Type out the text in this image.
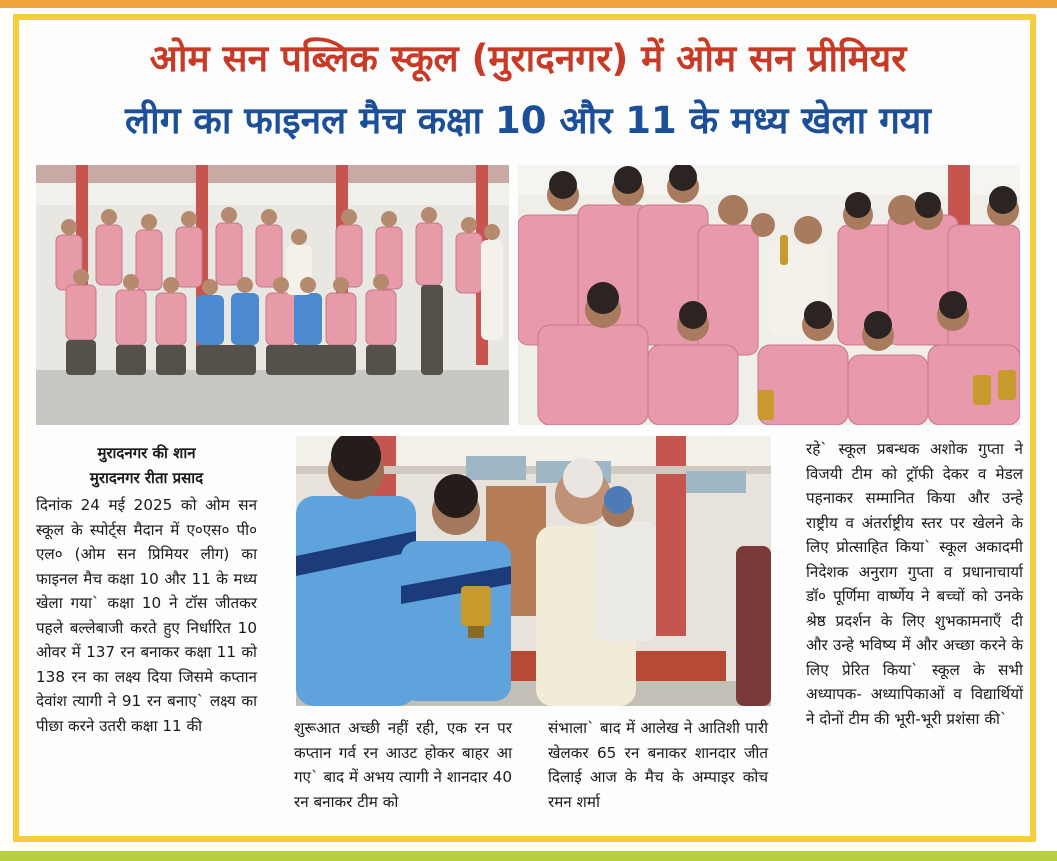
ओम सन पब्लिक स्कूल (मुरादनगर) में ओम सन प्रीमियर
लीग का फाइनल मैच कक्षा 10 और 11 के मध्य खेला गया
मुरादनगर की शान
मुरादनगर रीता प्रसाद

दिनांक 24 मई 2025 को ओम सन स्कूल के स्पोर्ट्स मैदान में ए०एस० पी० एल० (ओम सन प्रिमियर लीग) का फाइनल मैच कक्षा 10 और 11 के मध्य खेला गया` कक्षा 10 ने टॉस जीतकर पहले बल्लेबाजी करते हुए निर्धारित 10 ओवर में 137 रन बनाकर कक्षा 11 को 138 रन का लक्ष्य दिया जिसमे कप्तान देवांश त्यागी ने 91 रन बनाए` लक्ष्य का पीछा करने उतरी कक्षा 11 की	शुरूआत अच्छी नहीं रही, एक रन पर कप्तान गर्व रन आउट होकर बाहर आ गए` बाद में अभय त्यागी ने शानदार 40 रन बनाकर टीम को

संभाला` बाद में आलेख ने आतिशी पारी खेलकर 65 रन बनाकर शानदार जीत दिलाई आज के मैच के अम्पाइर कोच रमन शर्मा

रहे` स्कूल प्रबन्धक अशोक गुप्ता ने विजयी टीम को ट्रॉफी देकर व मेडल पहनाकर सम्मानित किया और उन्हे राष्ट्रीय व अंतर्राष्ट्रीय स्तर पर खेलने के लिए प्रोत्साहित किया` स्कूल अकादमी निदेशक अनुराग गुप्ता व प्रधानाचार्या डॉ० पूर्णिमा वार्ष्णेय ने बच्चों को उनके श्रेष्ठ प्रदर्शन के लिए शुभकामनाएँ दी और उन्हे भविष्य में और अच्छा करने के लिए प्रेरित किया` स्कूल के सभी अध्यापक- अध्यापिकाओं व विद्यार्थियों ने दोनों टीम की भूरी-भूरी प्रशंसा की`
